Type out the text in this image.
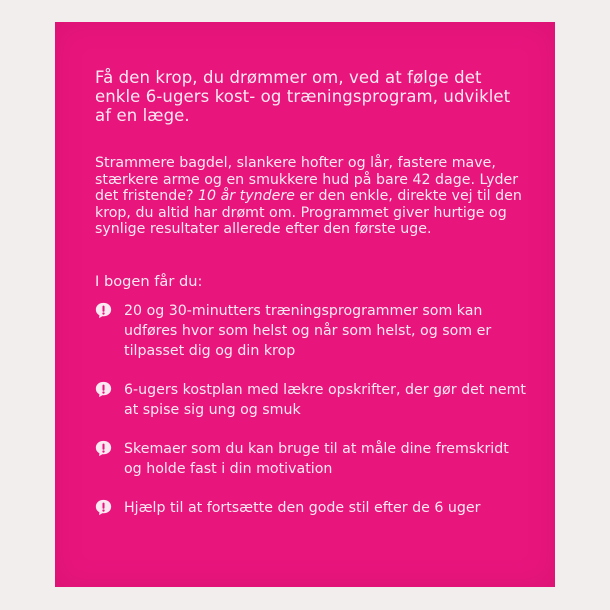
Få den krop, du drømmer om, ved at følge det enkle 6-ugers kost- og træningsprogram, udviklet af en læge.
Strammere bagdel, slankere hofter og lår, fastere mave, stærkere arme og en smukkere hud på bare 42 dage. Lyder det fristende? 10 år tyndere er den enkle, direkte vej til den krop, du altid har drømt om. Programmet giver hurtige og synlige resultater allerede efter den første uge.
I bogen får du:
20 og 30-minutters træningsprogrammer som kan udføres hvor som helst og når som helst, og som er tilpasset dig og din krop
6-ugers kostplan med lækre opskrifter, der gør det nemt at spise sig ung og smuk
Skemaer som du kan bruge til at måle dine fremskridt og holde fast i din motivation
Hjælp til at fortsætte den gode stil efter de 6 uger
